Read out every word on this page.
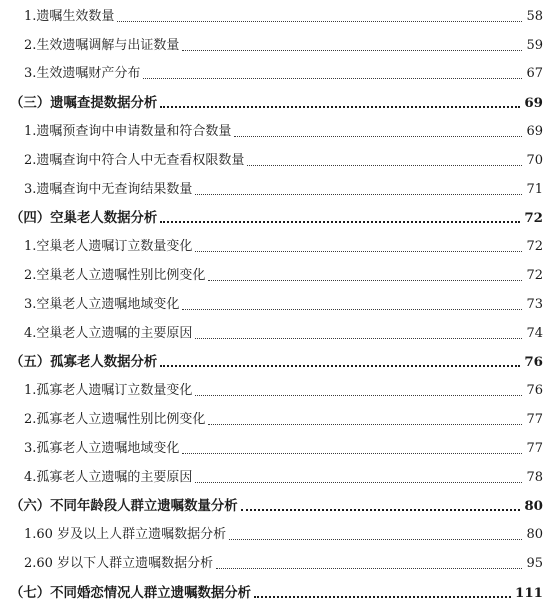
1.遗嘱生效数量	58
2.生效遗嘱调解与出证数量	59
3.生效遗嘱财产分布	67
（三）遗嘱查提数据分析	69
1.遗嘱预查询中申请数量和符合数量	69
2.遗嘱查询中符合人中无查看权限数量	70
3.遗嘱查询中无查询结果数量	71
（四）空巢老人数据分析	72
1.空巢老人遗嘱订立数量变化	72
2.空巢老人立遗嘱性别比例变化	72
3.空巢老人立遗嘱地域变化	73
4.空巢老人立遗嘱的主要原因	74
（五）孤寡老人数据分析	76
1.孤寡老人遗嘱订立数量变化	76
2.孤寡老人立遗嘱性别比例变化	77
3.孤寡老人立遗嘱地域变化	77
4.孤寡老人立遗嘱的主要原因	78
（六）不同年龄段人群立遗嘱数量分析	80
1.60 岁及以上人群立遗嘱数据分析	80
2.60 岁以下人群立遗嘱数据分析	95
（七）不同婚恋情况人群立遗嘱数据分析	111
